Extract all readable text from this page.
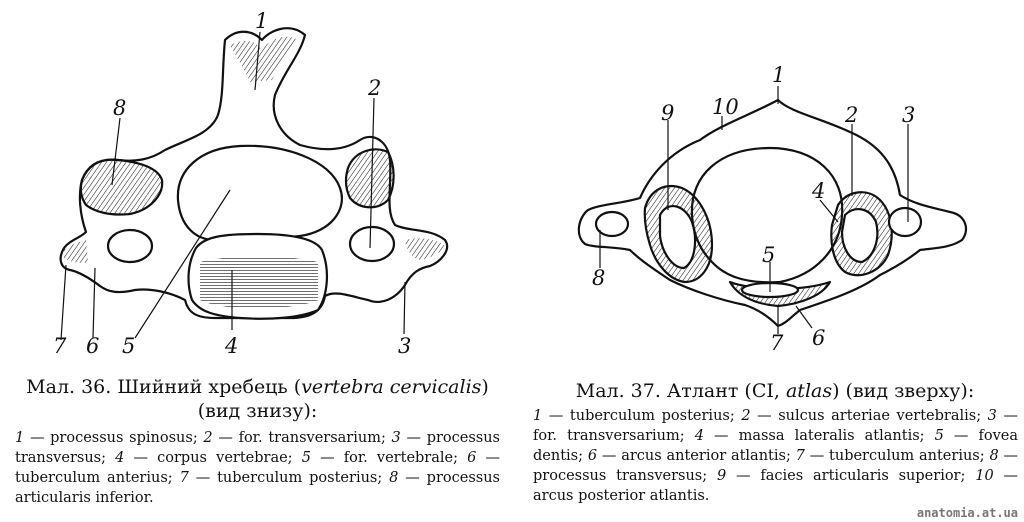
1
2
3
4
5
6
7
8
1
2 3
4
5
6
7
8
9 10
Мал. 36. Шийний хребець (vertebra cervicalis)
(вид знизу):

1 — processus spinosus; 2 — for. transversarium; 3 — processus transversus; 4 — corpus vertebrae; 5 — for. vertebrale; 6 — tuberculum anterius; 7 — tuberculum posterius; 8 — processus articularis inferior.

Мал. 37. Атлант (CI, atlas) (вид зверху):

1 — tuberculum posterius; 2 — sulcus arteriae vertebralis; 3 — for. transversarium; 4 — massa lateralis atlantis; 5 — fovea dentis; 6 — arcus anterior atlantis; 7 — tuberculum anterius; 8 — processus transversus; 9 — facies articularis superior; 10 — arcus posterior atlantis.

anatomia.at.ua
